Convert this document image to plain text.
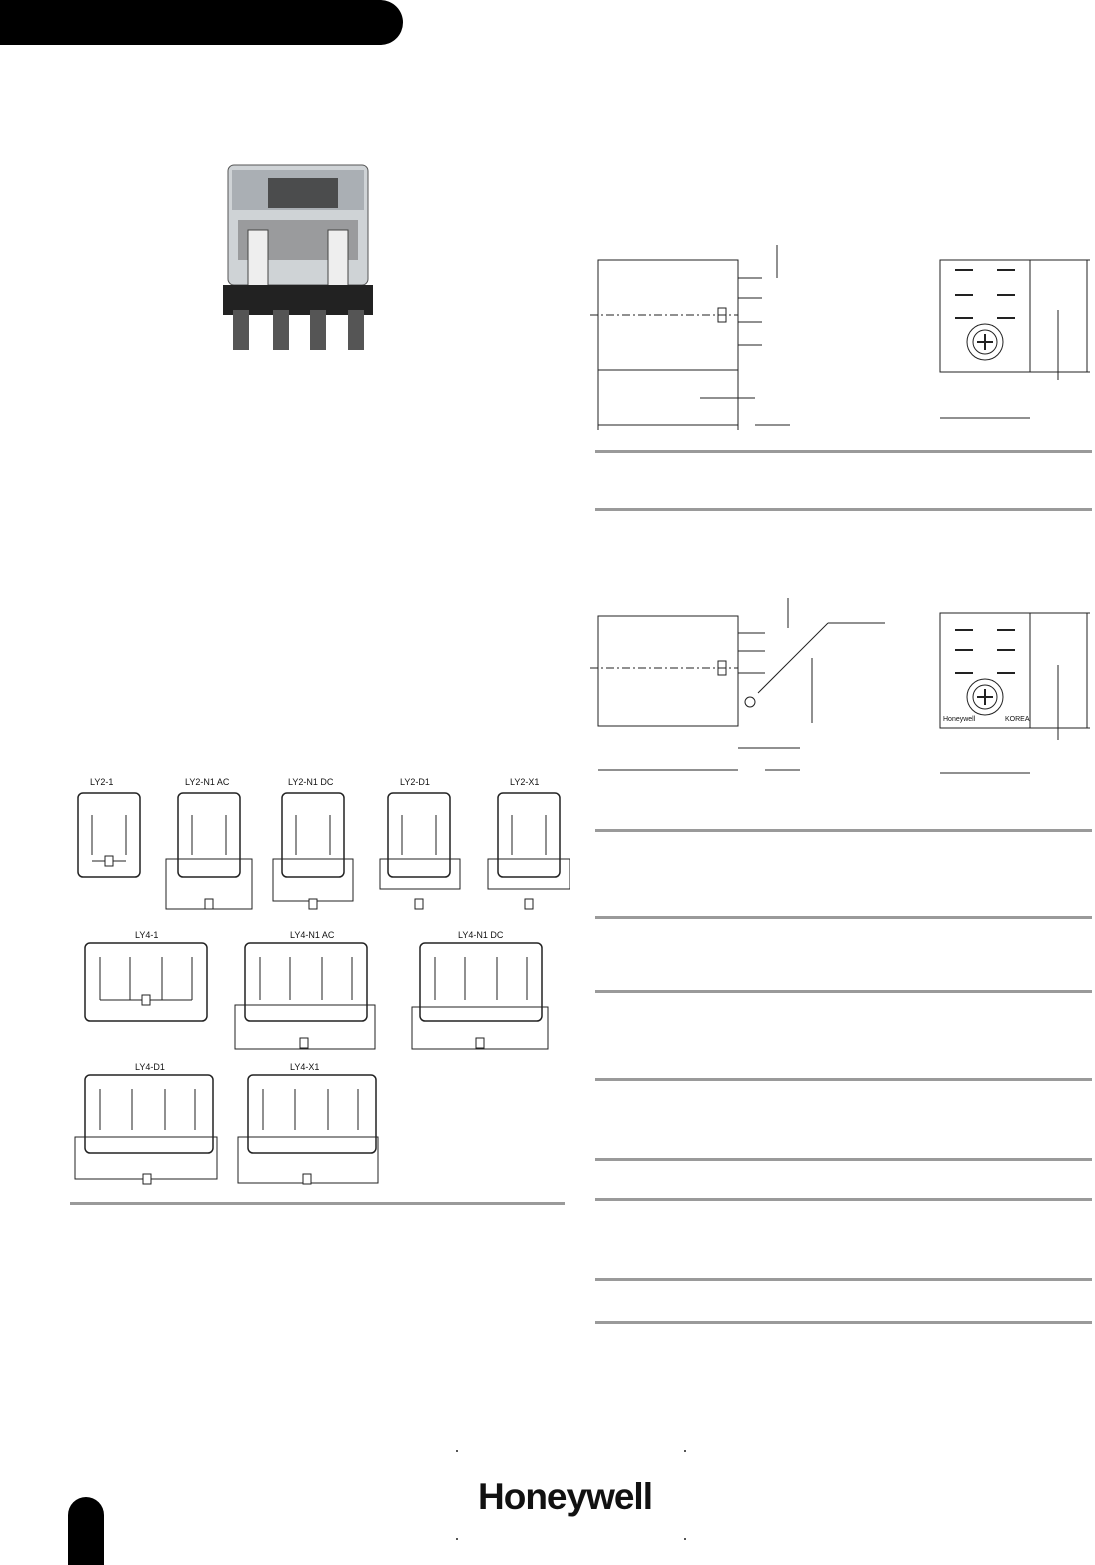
Honeywell	KOREA
LY2-1	LY2-N1 AC	LY2-N1 DC	LY2-D1	LY2-X1
LY4-1	LY4-N1 AC	LY4-N1 DC
LY4-D1	LY4-X1
Honeywell
